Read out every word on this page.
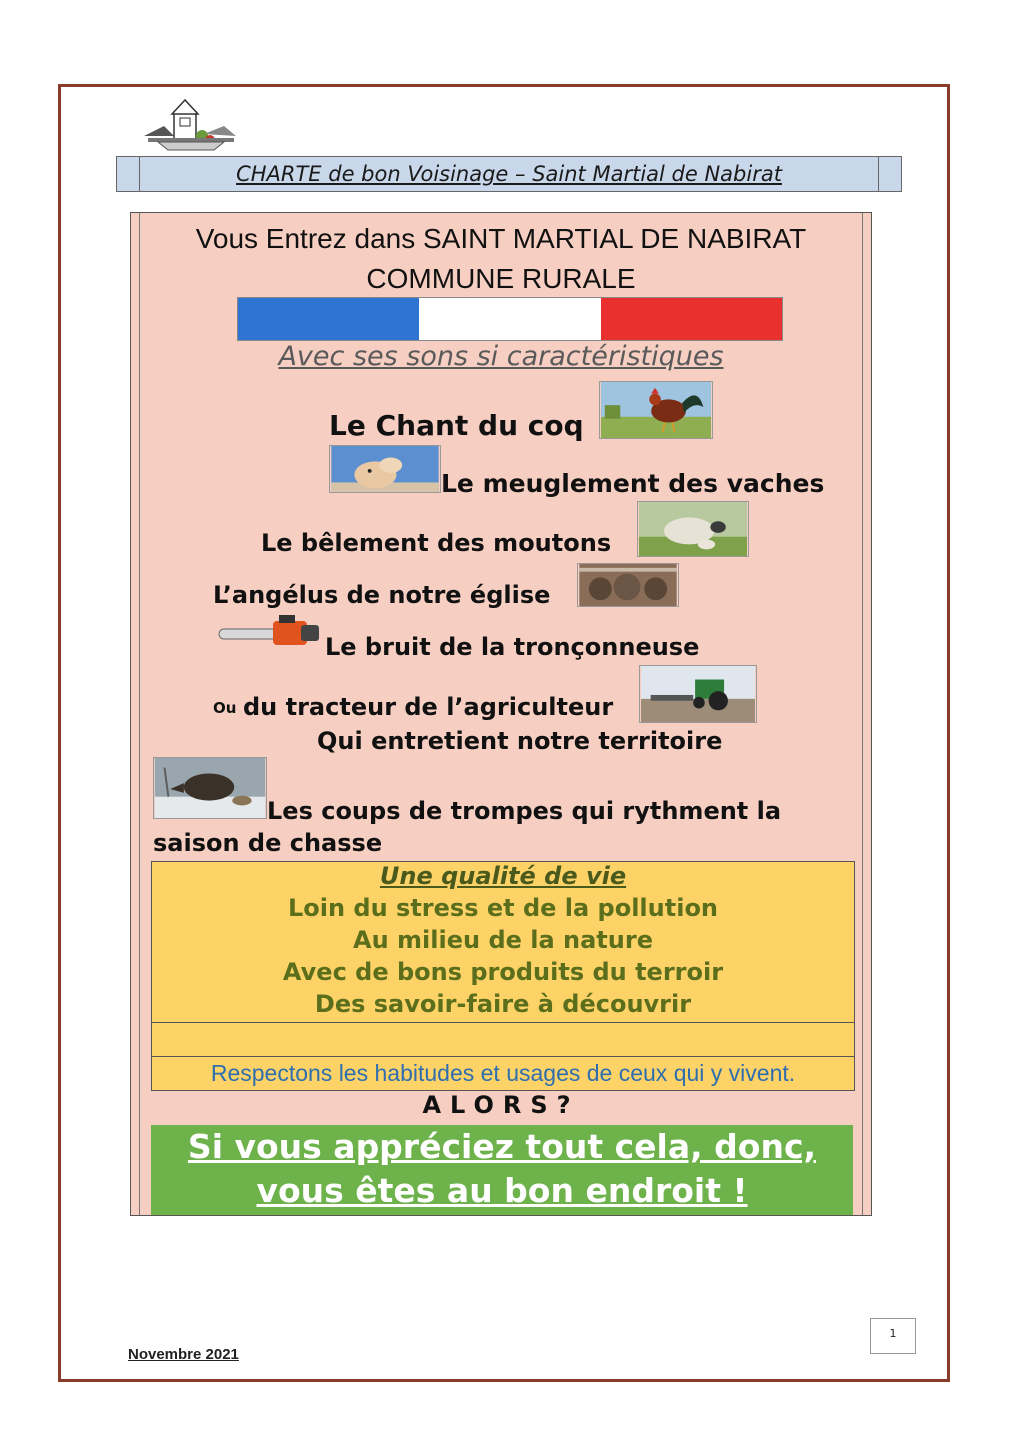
CHARTE de bon Voisinage – Saint Martial de Nabirat
Vous Entrez dans SAINT MARTIAL DE NABIRAT
COMMUNE RURALE
Avec ses sons si caractéristiques
Le Chant du coq
Le meuglement des vaches
Le bêlement des moutons
L’angélus de notre église
Le bruit de la tronçonneuse
Ou du tracteur de l’agriculteur
Qui entretient notre territoire
Les coups de trompes qui rythment la
saison de chasse
Une qualité de vie
Loin du stress et de la pollution
Au milieu de la nature
Avec de bons produits du terroir
Des savoir-faire à découvrir
Respectons les habitudes et usages de ceux qui y vivent.
ALORS?
Si vous appréciez tout cela, donc,
vous êtes au bon endroit !
Novembre 2021
1
